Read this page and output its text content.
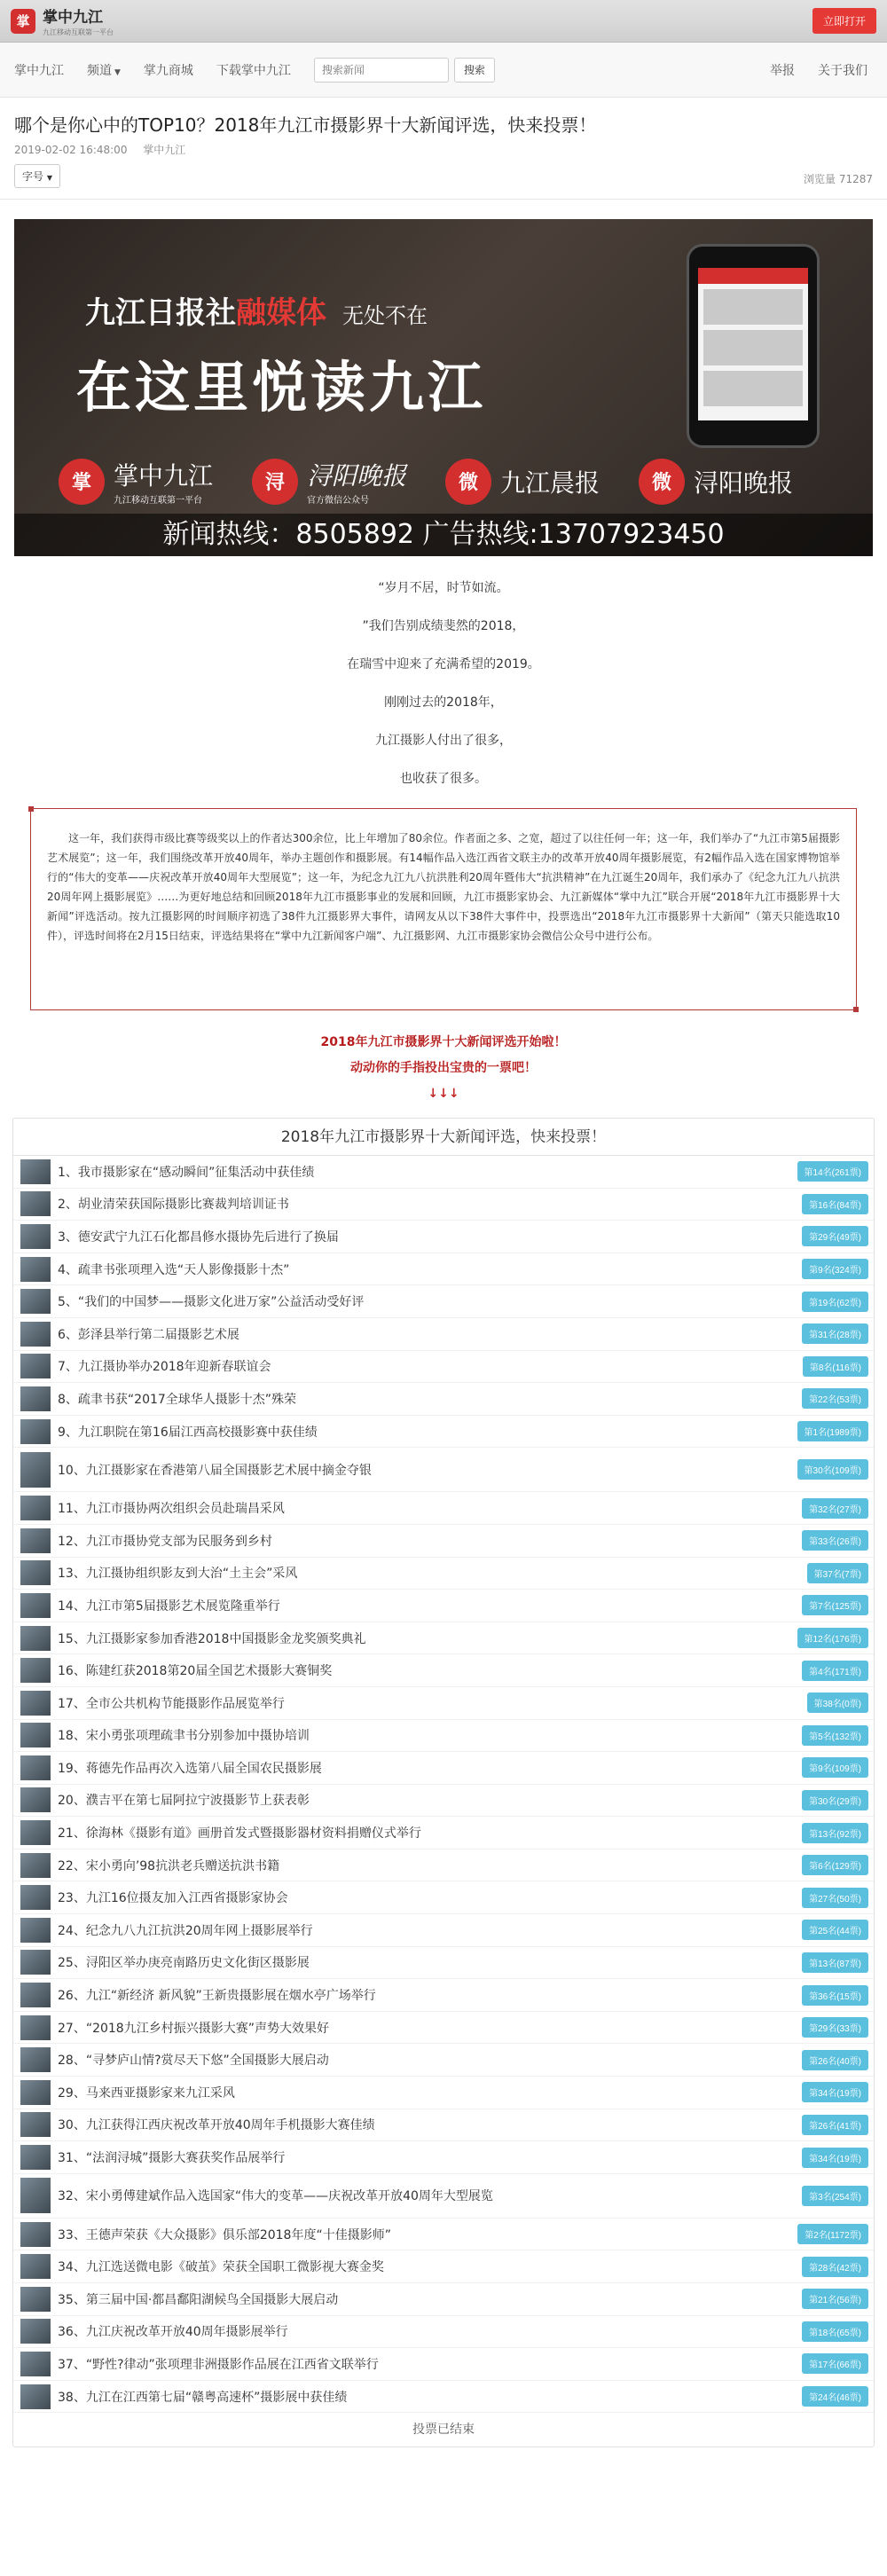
掌 掌中九江
九江移动互联第一平台
立即打开
掌中九江 频道 ▼ 掌九商城 下载掌中九江
搜索新闻	搜索	举报 关于我们
哪个是你心中的TOP10？2018年九江市摄影界十大新闻评选，快来投票！
2019-02-02 16:48:00 掌中九江
字号 ▼	浏览量 71287
九江日报社融媒体 无处不在
在这里悦读九江
掌 掌中九江
九江移动互联第一平台
浔 浔阳晚报
官方微信公众号
微 九江晨报	微 浔阳晚报
新闻热线：8505892 广告热线:13707923450

“岁月不居，时节如流。

”我们告别成绩斐然的2018，

在瑞雪中迎来了充满希望的2019。

刚刚过去的2018年，

九江摄影人付出了很多，

也收获了很多。

这一年，我们获得市级比赛等级奖以上的作者达300余位，比上年增加了80余位。作者面之多、之宽，超过了以往任何一年；这一年，我们举办了“九江市第5届摄影艺术展览”；这一年，我们围绕改革开放40周年，举办主题创作和摄影展。有14幅作品入选江西省文联主办的改革开放40周年摄影展览，有2幅作品入选在国家博物馆举行的“伟大的变革——庆祝改革开放40周年大型展览”；这一年，为纪念九江九八抗洪胜利20周年暨伟大“抗洪精神”在九江诞生20周年，我们承办了《纪念九江九八抗洪20周年网上摄影展览》……为更好地总结和回顾2018年九江市摄影事业的发展和回顾，九江市摄影家协会、九江新媒体“掌中九江”联合开展“2018年九江市摄影界十大新闻”评选活动。按九江摄影网的时间顺序初选了38件九江摄影界大事件，请网友从以下38件大事件中，投票选出“2018年九江市摄影界十大新闻”（第天只能选取10件），评选时间将在2月15日结束，评选结果将在“掌中九江新闻客户端”、九江摄影网、九江市摄影家协会微信公众号中进行公布。

2018年九江市摄影界十大新闻评选开始啦！
动动你的手指投出宝贵的一票吧！
↓↓↓
2018年九江市摄影界十大新闻评选，快来投票！
1、我市摄影家在“感动瞬间”征集活动中获佳绩	第14名(261票)
2、胡业清荣获国际摄影比赛裁判培训证书	第16名(84票)
3、德安武宁九江石化都昌修水摄协先后进行了换届	第29名(49票)
4、疏聿书张项理入选“天人影像摄影十杰”	第9名(324票)
5、“我们的中国梦——摄影文化进万家”公益活动受好评	第19名(62票)
6、彭泽县举行第二届摄影艺术展	第31名(28票)
7、九江摄协举办2018年迎新春联谊会	第8名(116票)
8、疏聿书获“2017全球华人摄影十杰”殊荣	第22名(53票)
9、九江职院在第16届江西高校摄影赛中获佳绩	第1名(1989票)
10、九江摄影家在香港第八届全国摄影艺术展中摘金夺银	第30名(109票)
11、九江市摄协两次组织会员赴瑞昌采风	第32名(27票)
12、九江市摄协党支部为民服务到乡村	第33名(26票)
13、九江摄协组织影友到大治“土主会”采风	第37名(7票)
14、九江市第5届摄影艺术展览隆重举行	第7名(125票)
15、九江摄影家参加香港2018中国摄影金龙奖颁奖典礼	第12名(176票)
16、陈建红获2018第20届全国艺术摄影大赛铜奖	第4名(171票)
17、全市公共机构节能摄影作品展览举行	第38名(0票)
18、宋小勇张项理疏聿书分别参加中摄协培训	第5名(132票)
19、蒋德先作品再次入选第八届全国农民摄影展	第9名(109票)
20、濮吉平在第七届阿拉宁波摄影节上获表彰	第30名(29票)
21、徐海林《摄影有道》画册首发式暨摄影器材资料捐赠仪式举行	第13名(92票)
22、宋小勇向’98抗洪老兵赠送抗洪书籍	第6名(129票)
23、九江16位摄友加入江西省摄影家协会	第27名(50票)
24、纪念九八九江抗洪20周年网上摄影展举行	第25名(44票)
25、浔阳区举办庚亮南路历史文化街区摄影展	第13名(87票)
26、九江“新经济 新风貌”王新贵摄影展在烟水亭广场举行	第36名(15票)
27、“2018九江乡村振兴摄影大赛”声势大效果好	第29名(33票)
28、“寻梦庐山情?赏尽天下悠”全国摄影大展启动	第26名(40票)
29、马来西亚摄影家来九江采风	第34名(19票)
30、九江获得江西庆祝改革开放40周年手机摄影大赛佳绩	第26名(41票)
31、“法润浔城”摄影大赛获奖作品展举行	第34名(19票)
32、宋小勇傅建斌作品入选国家“伟大的变革——庆祝改革开放40周年大型展览	第3名(254票)
33、王德声荣获《大众摄影》俱乐部2018年度“十佳摄影师”	第2名(1172票)
34、九江选送微电影《破茧》荣获全国职工微影视大赛金奖	第28名(42票)
35、第三届中国·都昌鄱阳湖候鸟全国摄影大展启动	第21名(56票)
36、九江庆祝改革开放40周年摄影展举行	第18名(65票)
37、“野性?律动”张项理非洲摄影作品展在江西省文联举行	第17名(66票)
38、九江在江西第七届“赣粤高速杯”摄影展中获佳绩	第24名(46票)
投票已结束
